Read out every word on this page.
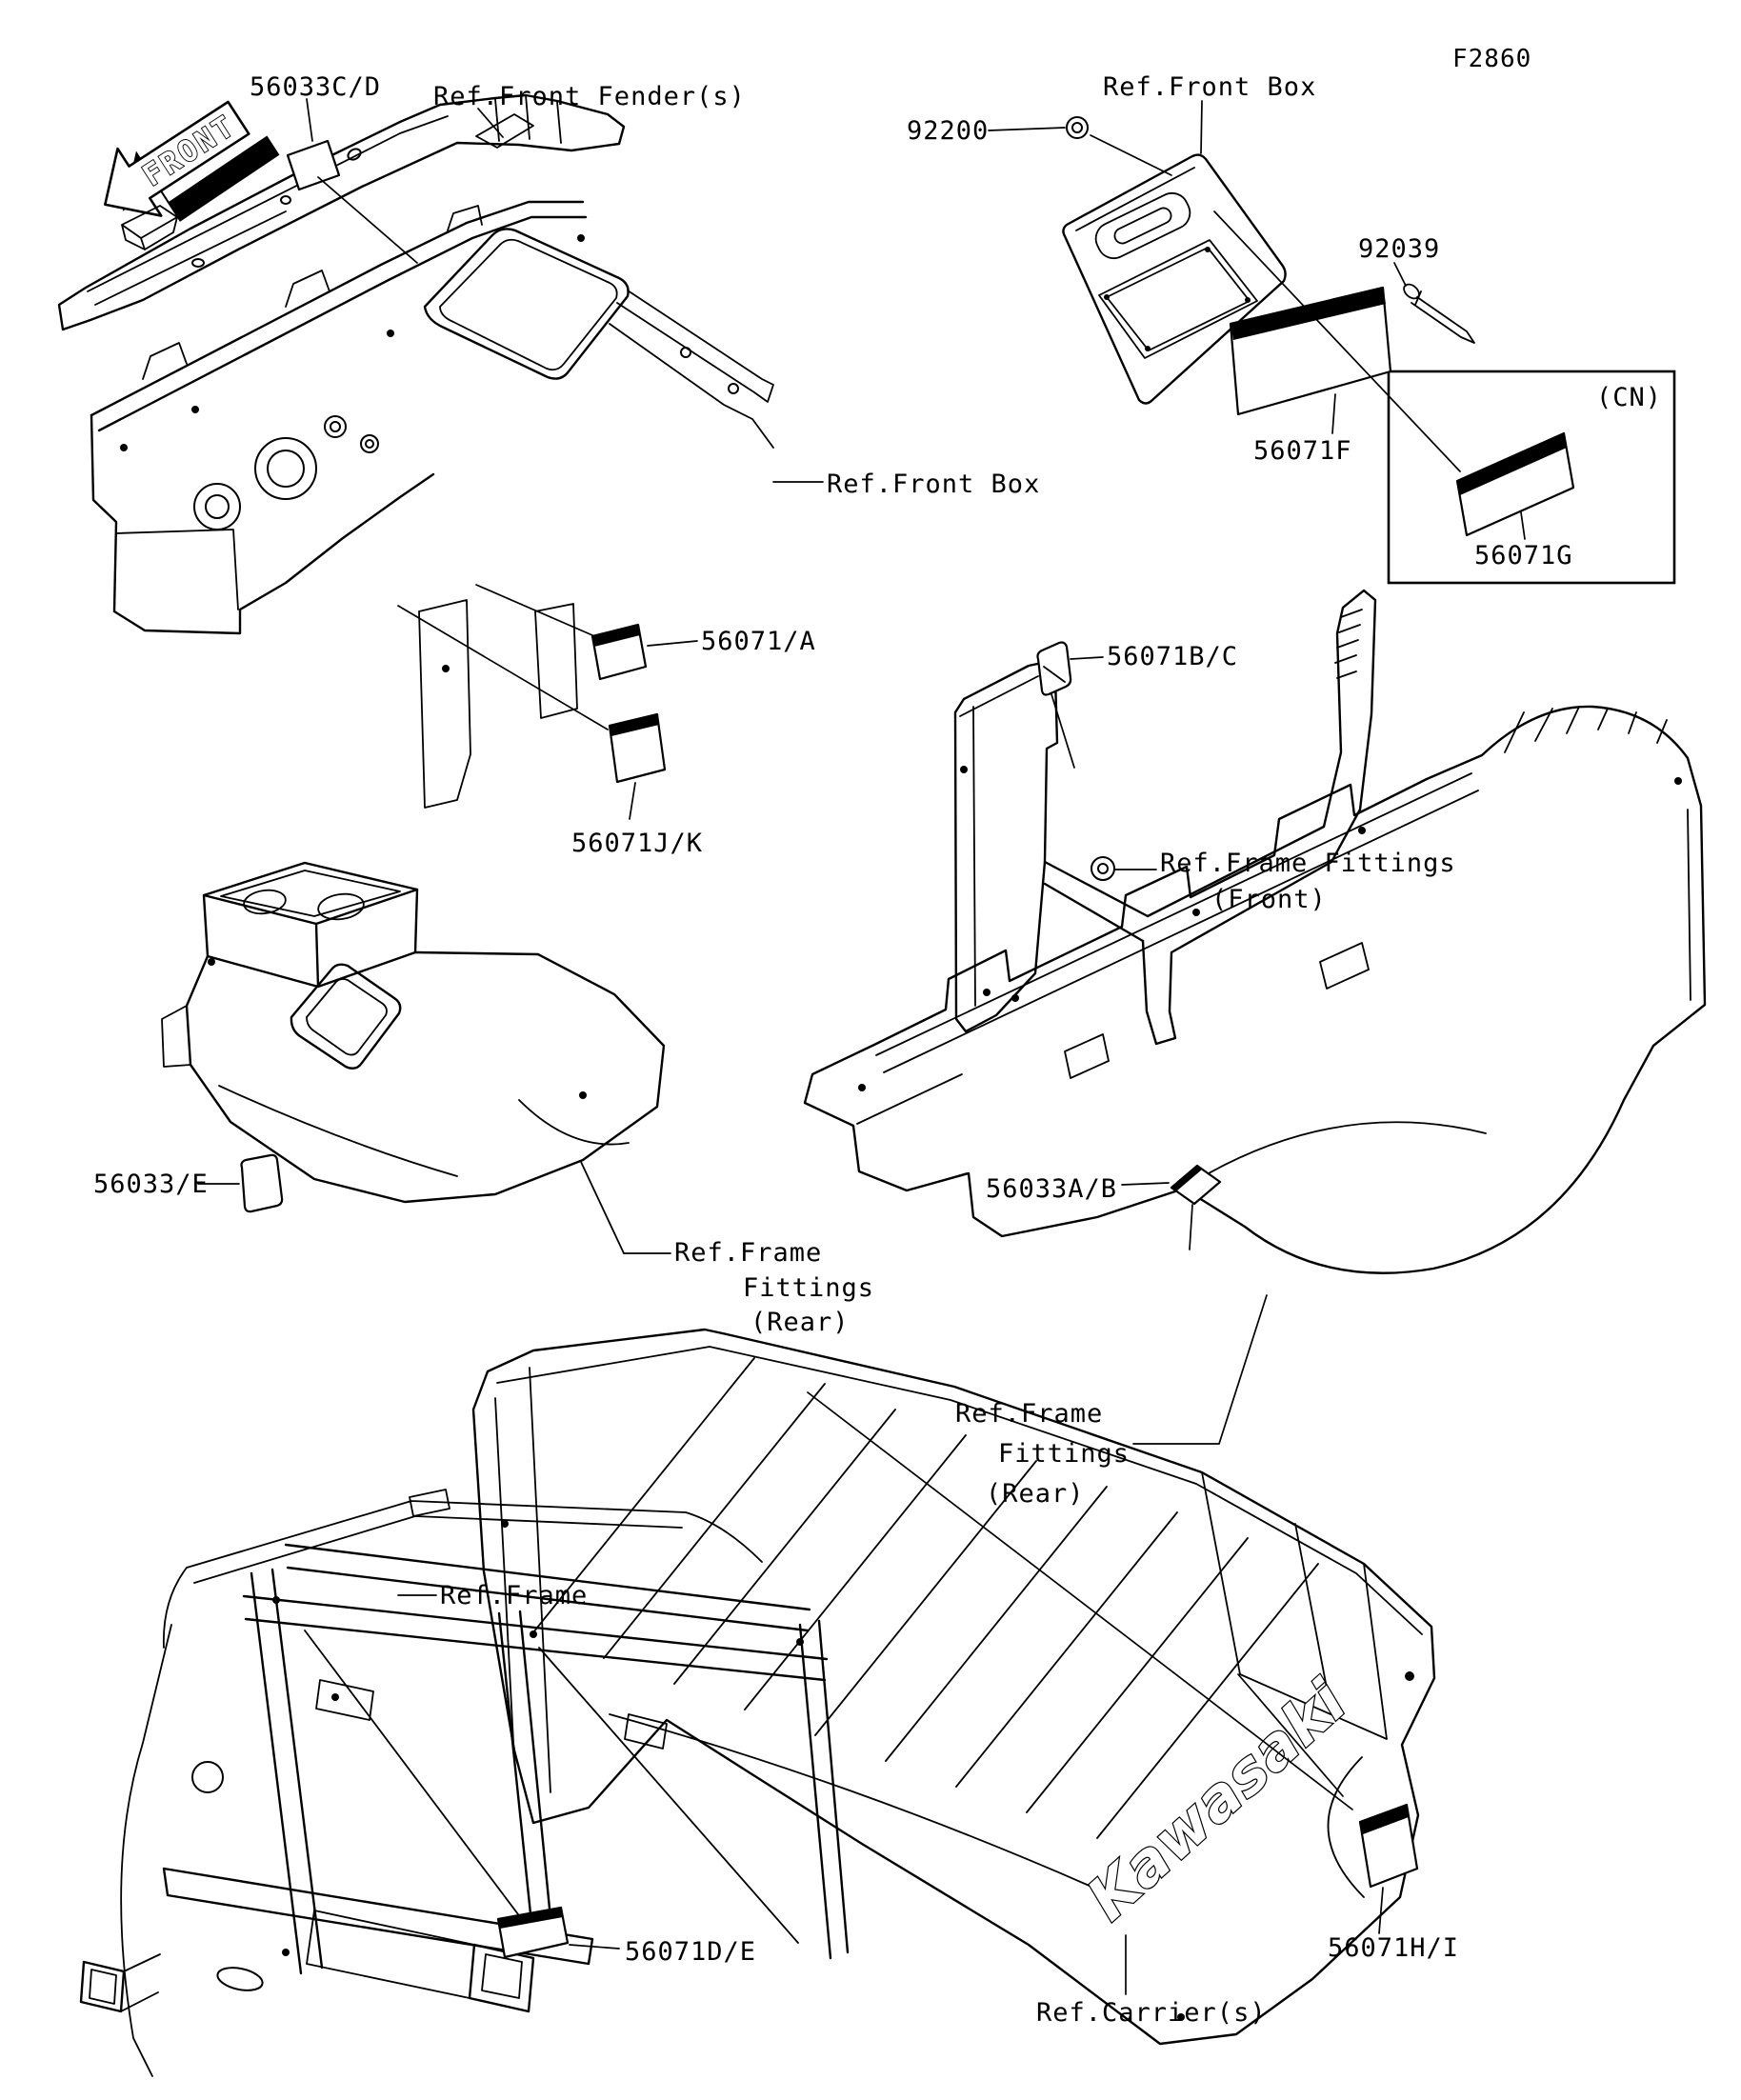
FRONT
(CN)
Kawasaki
56033C/D Ref.Front Fender(s)
F2860
Ref.Front Box
92200
92039
56071F
56071G
Ref.Front Box
56071/A
56071J/K
56071B/C
Ref.Frame Fittings
(Front)
56033/E
Ref.Frame
Fittings
(Rear)
56033A/B
Ref.Frame
Fittings
(Rear)
Ref.Frame
56071D/E	56071H/I
Ref.Carrier(s)
